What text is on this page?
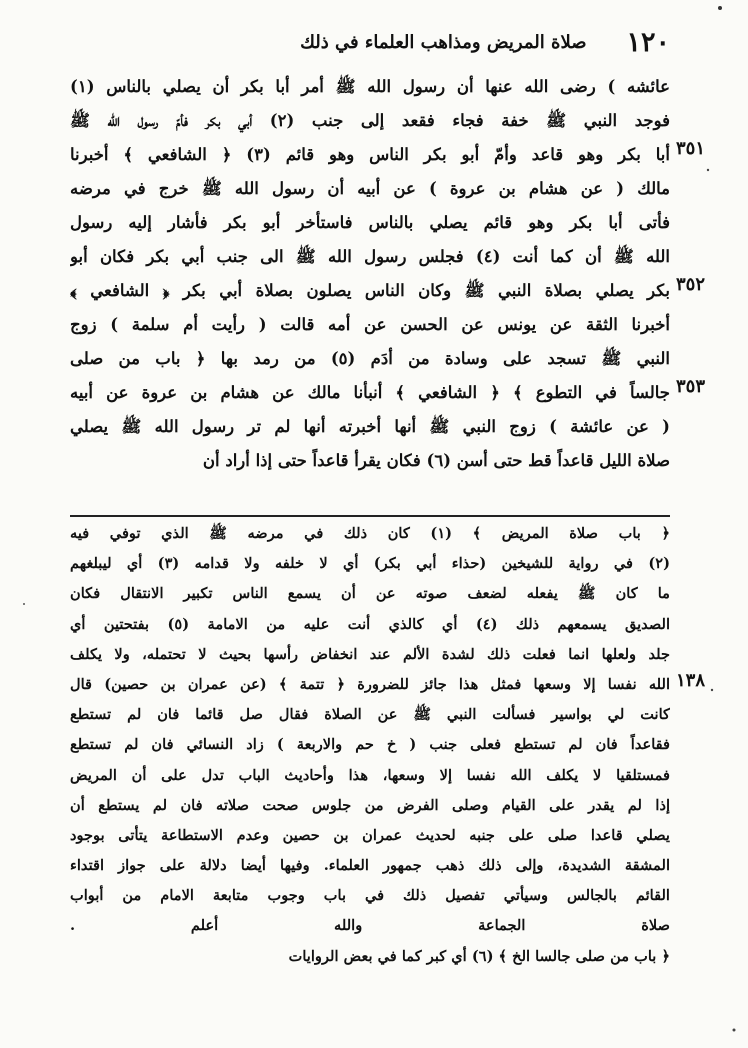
١٢٠
صلاة المريض ومذاهب العلماء في ذلك
عائشه ) رضى الله عنها أن رسول الله ﷺ أمر أبا بكر أن يصلي بالناس (١)
فوجد النبي ﷺ خفة فجاء فقعد إلى جنب (٢) أبي بكر فأمّ رسول الله ﷺ
أبا بكر وهو قاعد وأمّ أبو بكر الناس وهو قائم (٣) ﴿ الشافعي ﴾ أخبرنا ٣٥١
مالك ( عن هشام بن عروة ) عن أبيه أن رسول الله ﷺ خرج في مرضه
فأتى أبا بكر وهو قائم يصلي بالناس فاستأخر أبو بكر فأشار إليه رسول
الله ﷺ أن كما أنت (٤) فجلس رسول الله ﷺ الى جنب أبي بكر فكان أبو
بكر يصلي بصلاة النبي ﷺ وكان الناس يصلون بصلاة أبي بكر ﴿ الشافعي ﴾ ٣٥٢
أخبرنا الثقة عن يونس عن الحسن عن أمه قالت ( رأيت أم سلمة ) زوج
النبي ﷺ تسجد على وسادة من أدَم (٥) من رمد بها ﴿ باب من صلى
جالساً في التطوع ﴾ ﴿ الشافعي ﴾ أنبأنا مالك عن هشام بن عروة عن أبيه ٣٥٣
( عن عائشة ) زوج النبي ﷺ أنها أخبرته أنها لم تر رسول الله ﷺ يصلي
صلاة الليل قاعداً قط حتى أسن (٦) فكان يقرأ قاعداً حتى إذا أراد أن
﴿ باب صلاة المريض ﴾ (١) كان ذلك في مرضه ﷺ الذي توفي فيه
(٢) في رواية للشيخين (حذاء أبي بكر) أي لا خلفه ولا قدامه (٣) أي ليبلغهم
ما كان ﷺ يفعله لضعف صوته عن أن يسمع الناس تكبير الانتقال فكان
الصديق يسمعهم ذلك (٤) أي كالذي أنت عليه من الامامة (٥) بفتحتين أي
جلد ولعلها انما فعلت ذلك لشدة الألم عند انخفاض رأسها بحيث لا تحتمله، ولا يكلف
الله نفسا إلا وسعها فمثل هذا جائز للضرورة ﴿ تتمة ﴾ (عن عمران بن حصين) قال ١٣٨
كانت لي بواسير فسألت النبي ﷺ عن الصلاة فقال صل قائما فان لم تستطع
فقاعداً فان لم تستطع فعلى جنب ( خ حم والاربعة ) زاد النسائي فان لم تستطع
فمستلقيا لا يكلف الله نفسا إلا وسعها، هذا وأحاديث الباب تدل على أن المريض
إذا لم يقدر على القيام وصلى الفرض من جلوس صحت صلاته فان لم يستطع أن
يصلي قاعدا صلى على جنبه لحديث عمران بن حصين وعدم الاستطاعة يتأتى بوجود
المشقة الشديدة، وإلى ذلك ذهب جمهور العلماء. وفيها أيضا دلالة على جواز اقتداء
القائم بالجالس وسيأتي تفصيل ذلك في باب وجوب متابعة الامام من أبواب
صلاة الجماعة والله أعلم .
﴿ باب من صلى جالسا الخ ﴾ (٦) أي كبر كما في بعض الروايات
